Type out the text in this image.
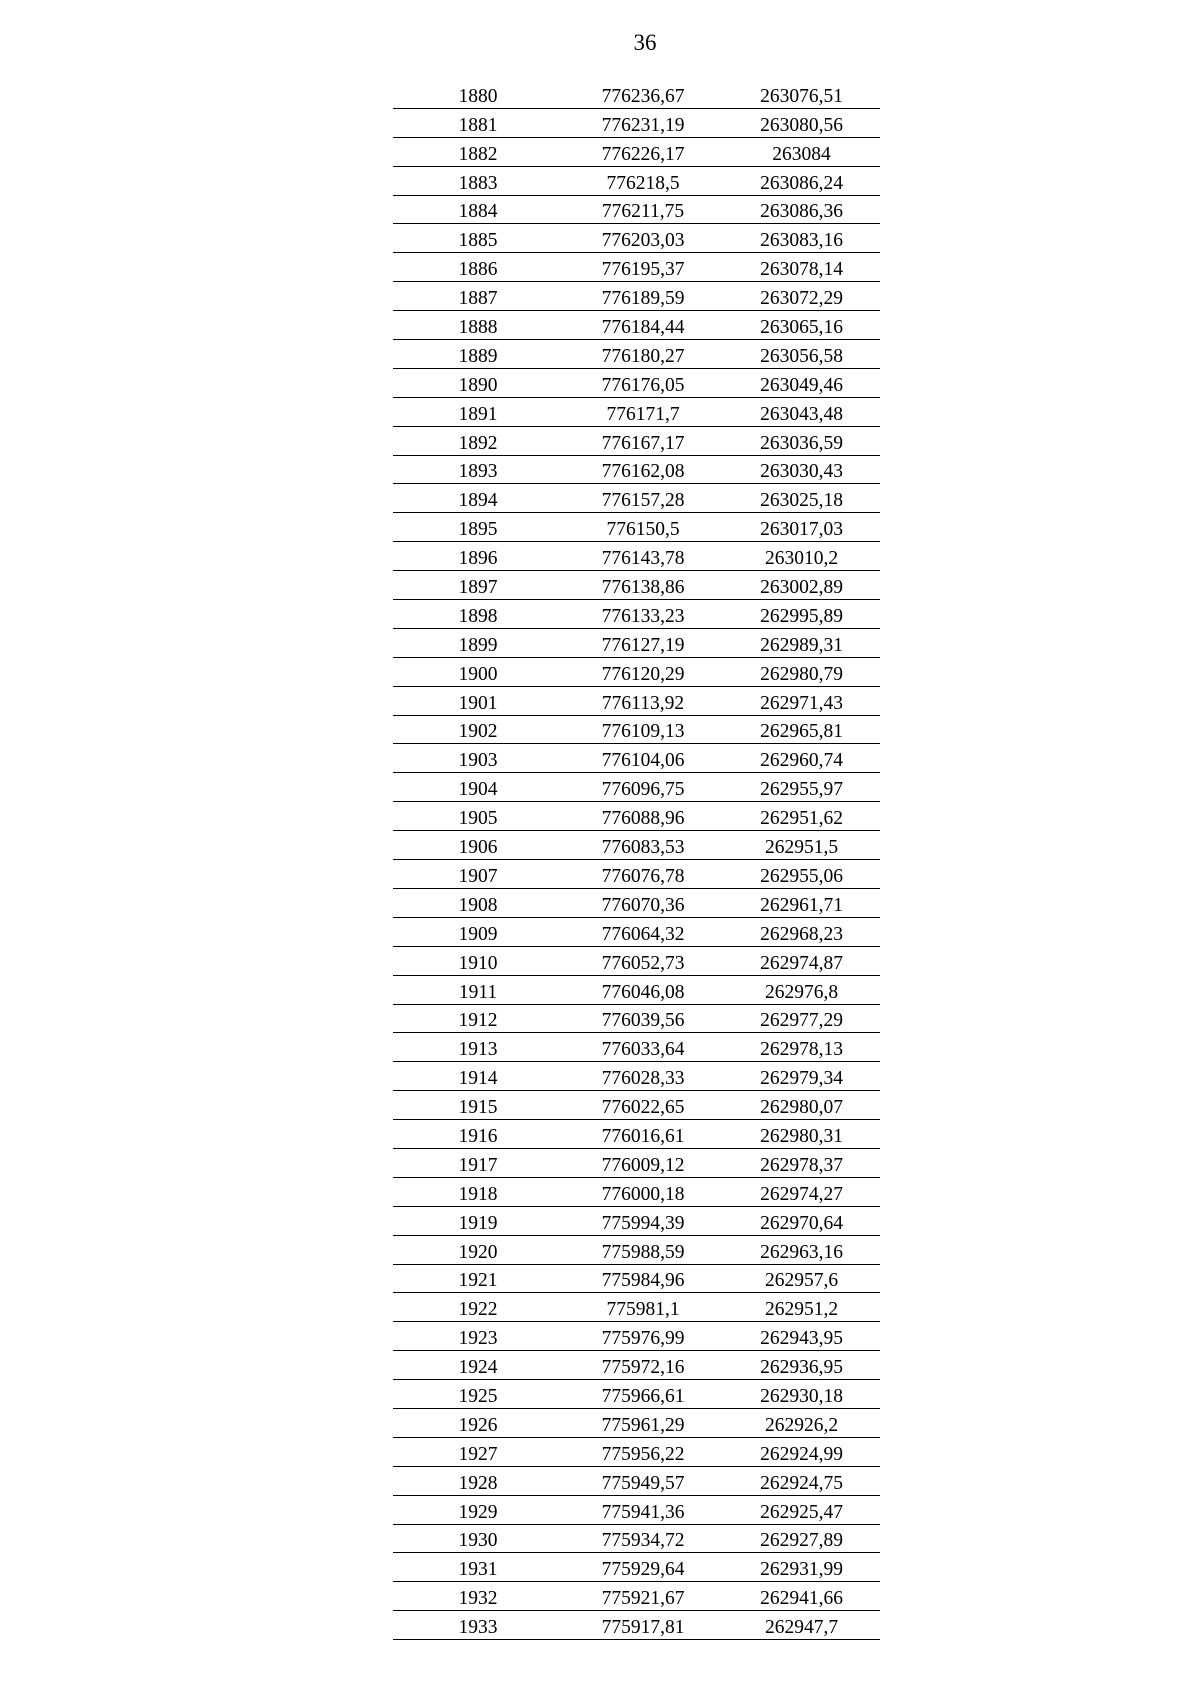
36
1880	776236,67	263076,51
1881	776231,19	263080,56
1882	776226,17	263084
1883	776218,5	263086,24
1884	776211,75	263086,36
1885	776203,03	263083,16
1886	776195,37	263078,14
1887	776189,59	263072,29
1888	776184,44	263065,16
1889	776180,27	263056,58
1890	776176,05	263049,46
1891	776171,7	263043,48
1892	776167,17	263036,59
1893	776162,08	263030,43
1894	776157,28	263025,18
1895	776150,5	263017,03
1896	776143,78	263010,2
1897	776138,86	263002,89
1898	776133,23	262995,89
1899	776127,19	262989,31
1900	776120,29	262980,79
1901	776113,92	262971,43
1902	776109,13	262965,81
1903	776104,06	262960,74
1904	776096,75	262955,97
1905	776088,96	262951,62
1906	776083,53	262951,5
1907	776076,78	262955,06
1908	776070,36	262961,71
1909	776064,32	262968,23
1910	776052,73	262974,87
1911	776046,08	262976,8
1912	776039,56	262977,29
1913	776033,64	262978,13
1914	776028,33	262979,34
1915	776022,65	262980,07
1916	776016,61	262980,31
1917	776009,12	262978,37
1918	776000,18	262974,27
1919	775994,39	262970,64
1920	775988,59	262963,16
1921	775984,96	262957,6
1922	775981,1	262951,2
1923	775976,99	262943,95
1924	775972,16	262936,95
1925	775966,61	262930,18
1926	775961,29	262926,2
1927	775956,22	262924,99
1928	775949,57	262924,75
1929	775941,36	262925,47
1930	775934,72	262927,89
1931	775929,64	262931,99
1932	775921,67	262941,66
1933	775917,81	262947,7
